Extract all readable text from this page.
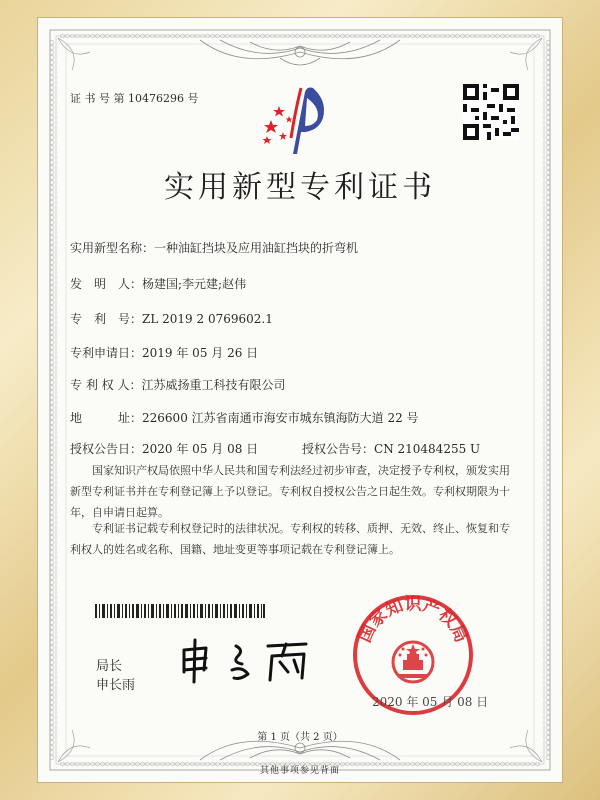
证 书 号 第 10476296 号
实用新型专利证书
实用新型名称：一种油缸挡块及应用油缸挡块的折弯机
发　明　人：杨建国;李元建;赵伟
专　利　号：ZL 2019 2 0769602.1
专利申请日：2019 年 05 月 26 日
专 利 权 人：江苏威扬重工科技有限公司
地　　　址：226600 江苏省南通市海安市城东镇海防大道 22 号
授权公告日：2020 年 05 月 08 日	授权公告号：CN 210484255 U
国家知识产权局依照中华人民共和国专利法经过初步审查，决定授予专利权，颁发实用
新型专利证书并在专利登记簿上予以登记。专利权自授权公告之日起生效。专利权期限为十
年，自申请日起算。
专利证书记载专利权登记时的法律状况。专利权的转移、质押、无效、终止、恢复和专
利权人的姓名或名称、国籍、地址变更等事项记载在专利登记簿上。
局长
申长雨
国家知识产权局
2020 年 05 月 08 日
第 1 页（共 2 页）
其他事项参见背面
